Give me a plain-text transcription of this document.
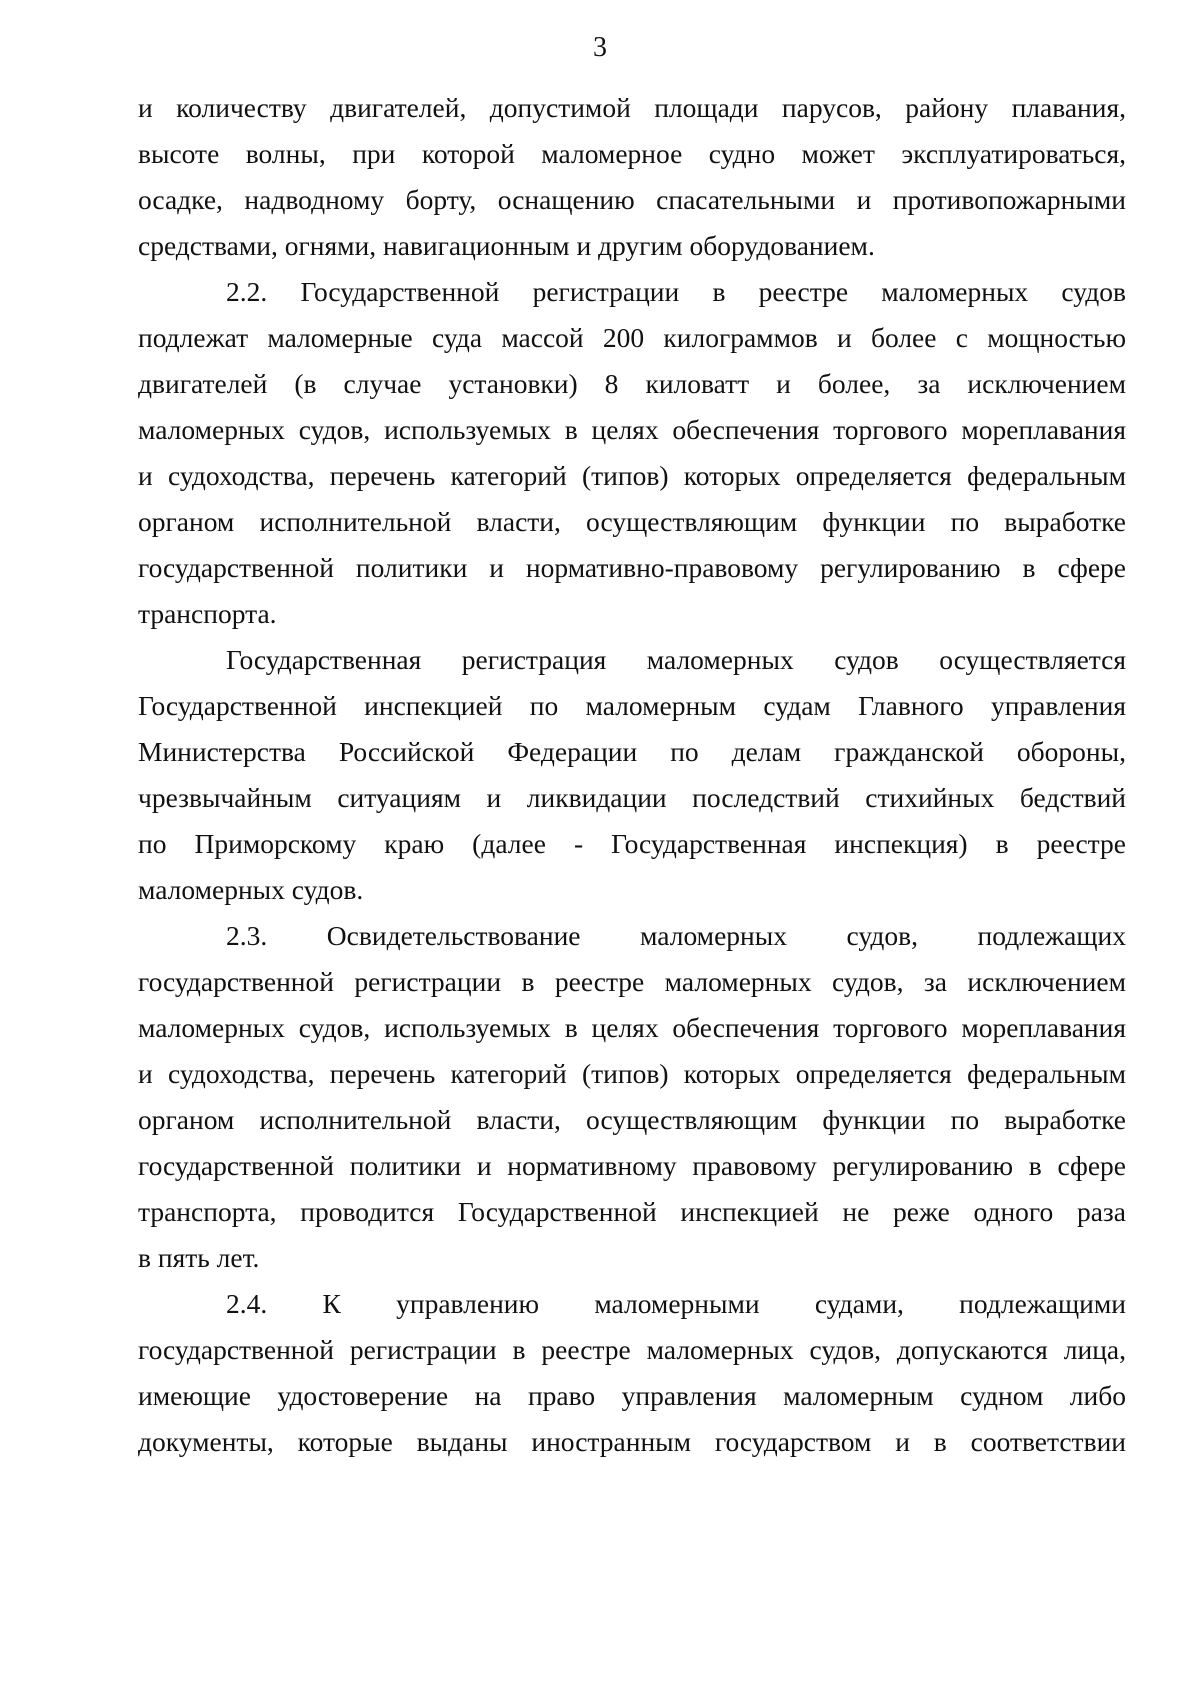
3
и количеству двигателей, допустимой площади парусов, району плавания,
высоте волны, при которой маломерное судно может эксплуатироваться,
осадке, надводному борту, оснащению спасательными и противопожарными
средствами, огнями, навигационным и другим оборудованием.
2.2. Государственной регистрации в реестре маломерных судов
подлежат маломерные суда массой 200 килограммов и более с мощностью
двигателей (в случае установки) 8 киловатт и более, за исключением
маломерных судов, используемых в целях обеспечения торгового мореплавания
и судоходства, перечень категорий (типов) которых определяется федеральным
органом исполнительной власти, осуществляющим функции по выработке
государственной политики и нормативно-правовому регулированию в сфере
транспорта.
Государственная регистрация маломерных судов осуществляется
Государственной инспекцией по маломерным судам Главного управления
Министерства Российской Федерации по делам гражданской обороны,
чрезвычайным ситуациям и ликвидации последствий стихийных бедствий
по Приморскому краю (далее - Государственная инспекция) в реестре
маломерных судов.
2.3. Освидетельствование маломерных судов, подлежащих
государственной регистрации в реестре маломерных судов, за исключением
маломерных судов, используемых в целях обеспечения торгового мореплавания
и судоходства, перечень категорий (типов) которых определяется федеральным
органом исполнительной власти, осуществляющим функции по выработке
государственной политики и нормативному правовому регулированию в сфере
транспорта, проводится Государственной инспекцией не реже одного раза
в пять лет.
2.4. К управлению маломерными судами, подлежащими
государственной регистрации в реестре маломерных судов, допускаются лица,
имеющие удостоверение на право управления маломерным судном либо
документы, которые выданы иностранным государством и в соответствии
